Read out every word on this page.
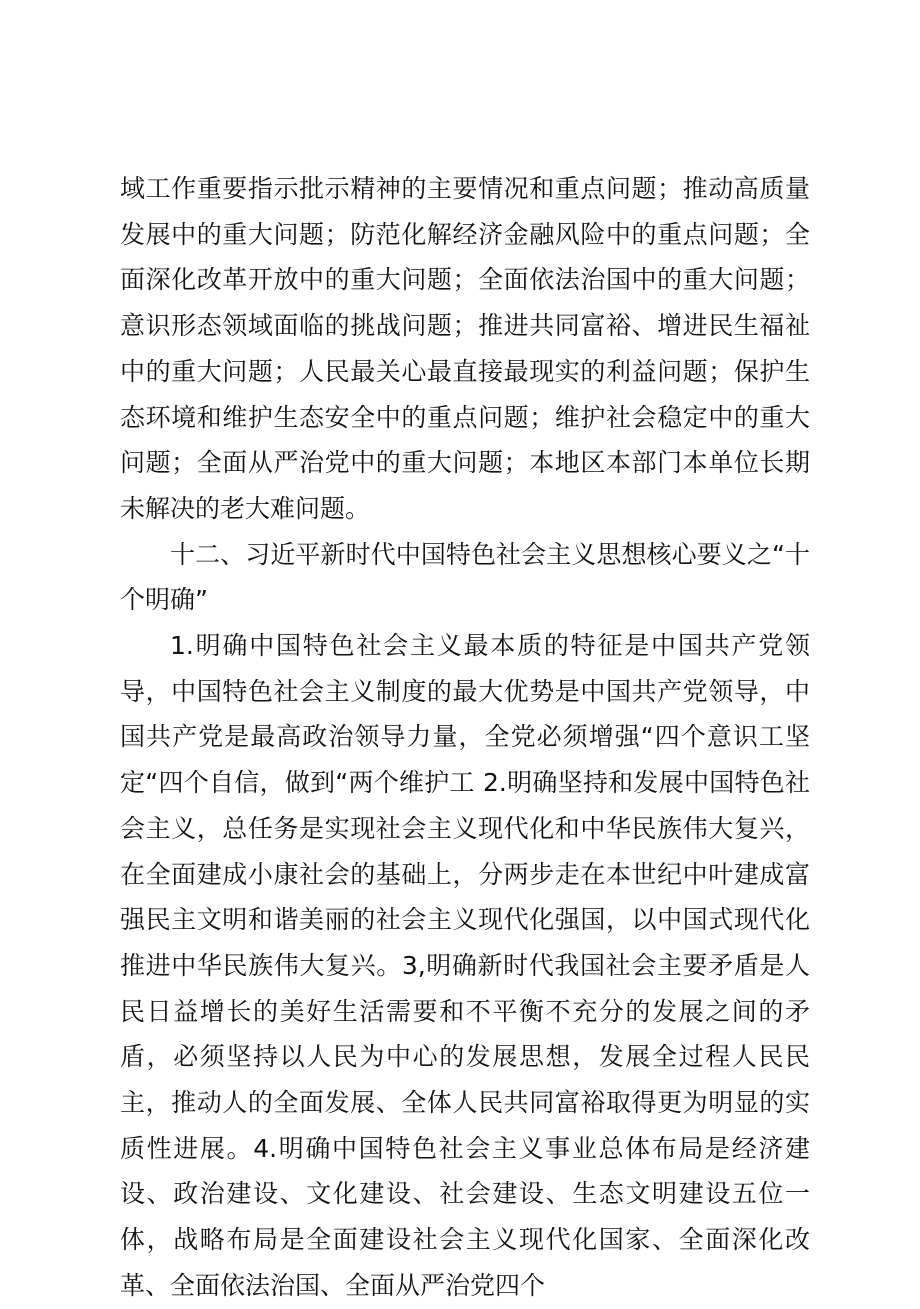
域工作重要指示批示精神的主要情况和重点问题；推动高质量发展中的重大问题；防范化解经济金融风险中的重点问题；全面深化改革开放中的重大问题；全面依法治国中的重大问题；意识形态领域面临的挑战问题；推进共同富裕、增进民生福祉中的重大问题；人民最关心最直接最现实的利益问题；保护生态环境和维护生态安全中的重点问题；维护社会稳定中的重大问题；全面从严治党中的重大问题；本地区本部门本单位长期未解决的老大难问题。

十二、习近平新时代中国特色社会主义思想核心要义之“十个明确”

1.明确中国特色社会主义最本质的特征是中国共产党领导，中国特色社会主义制度的最大优势是中国共产党领导，中国共产党是最高政治领导力量，全党必须增强“四个意识工坚定“四个自信，做到“两个维护工 2.明确坚持和发展中国特色社会主义，总任务是实现社会主义现代化和中华民族伟大复兴，在全面建成小康社会的基础上，分两步走在本世纪中叶建成富强民主文明和谐美丽的社会主义现代化强国，以中国式现代化推进中华民族伟大复兴。3,明确新时代我国社会主要矛盾是人民日益增长的美好生活需要和不平衡不充分的发展之间的矛盾，必须坚持以人民为中心的发展思想，发展全过程人民民主，推动人的全面发展、全体人民共同富裕取得更为明显的实质性进展。4.明确中国特色社会主义事业总体布局是经济建设、政治建设、文化建设、社会建设、生态文明建设五位一体，战略布局是全面建设社会主义现代化国家、全面深化改革、全面依法治国、全面从严治党四个
